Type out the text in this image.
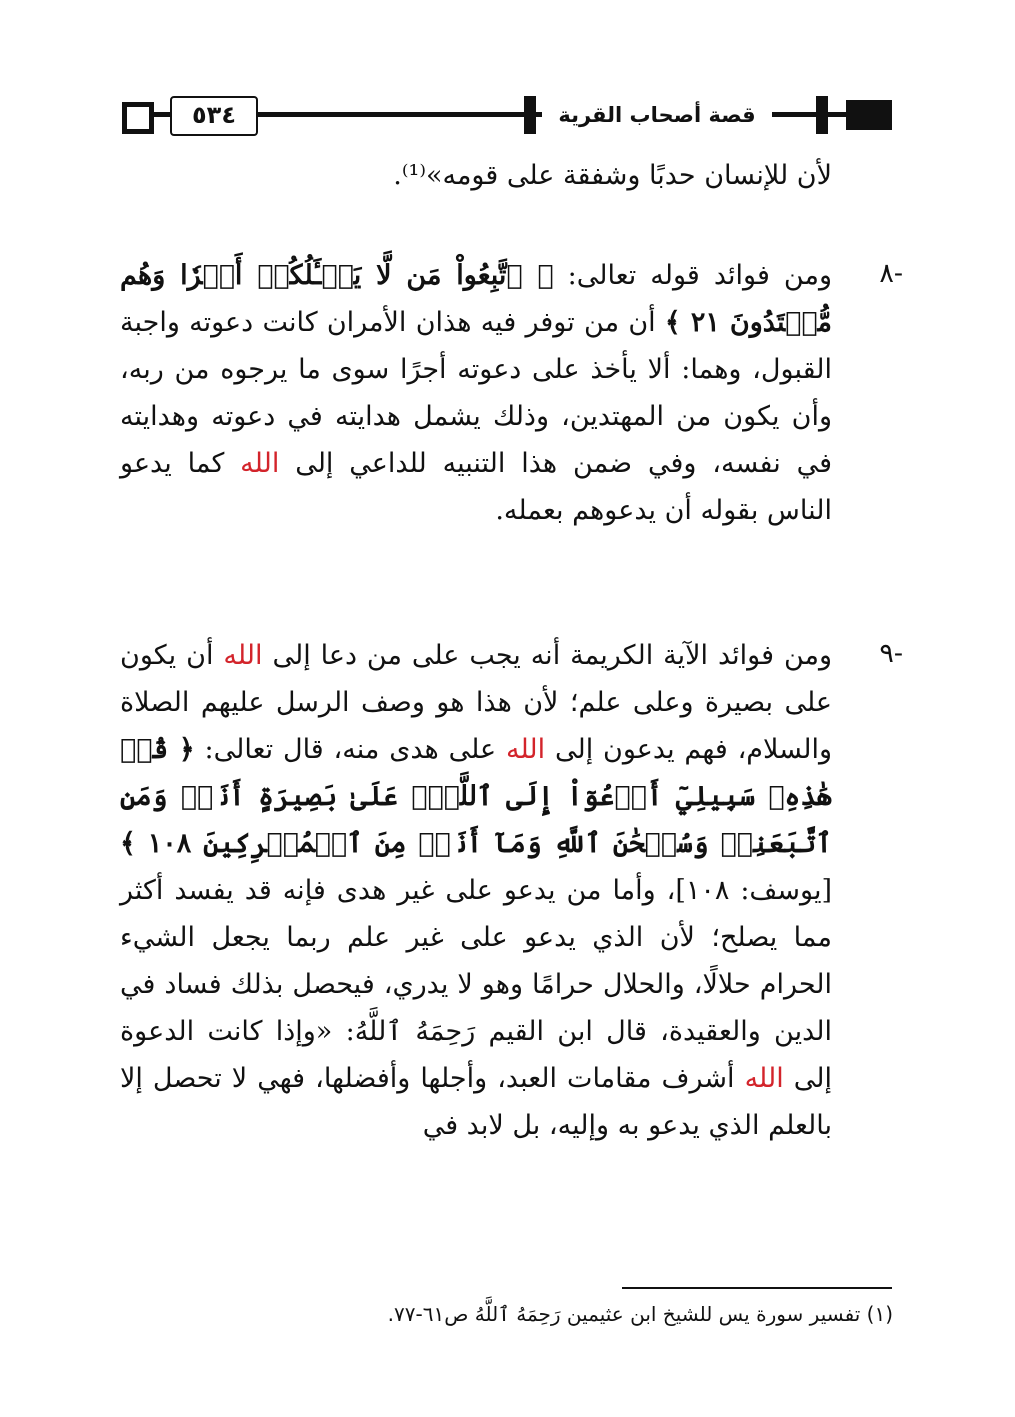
قصة أصحاب القرية
٥٣٤

لأن للإنسان حدبًا وشفقة على قومه»⁽¹⁾.

-٨

ومن فوائد قوله تعالى: ﴿ ٱتَّبِعُواْ مَن لَّا يَسۡـَٔلُكُمۡ أَجۡرٗا وَهُم مُّهۡتَدُونَ ٢١ ﴾ أن من توفر فيه هذان الأمران كانت دعوته واجبة القبول، وهما: ألا يأخذ على دعوته أجرًا سوى ما يرجوه من ربه، وأن يكون من المهتدين، وذلك يشمل هدايته في دعوته وهدايته في نفسه، وفي ضمن هذا التنبيه للداعي إلى الله كما يدعو الناس بقوله أن يدعوهم بعمله.

-٩

ومن فوائد الآية الكريمة أنه يجب على من دعا إلى الله أن يكون على بصيرة وعلى علم؛ لأن هذا هو وصف الرسل عليهم الصلاة والسلام، فهم يدعون إلى الله على هدى منه، قال تعالى: ﴿ قُلۡ هَٰذِهِۦ سَبِيلِيٓ أَدۡعُوٓاْ إِلَى ٱللَّهِۚ عَلَىٰ بَصِيرَةٍ أَنَا۠ وَمَنِ ٱتَّبَعَنِيۖ وَسُبۡحَٰنَ ٱللَّهِ وَمَآ أَنَا۠ مِنَ ٱلۡمُشۡرِكِينَ ١٠٨ ﴾ [يوسف: ١٠٨]، وأما من يدعو على غير هدى فإنه قد يفسد أكثر مما يصلح؛ لأن الذي يدعو على غير علم ربما يجعل الشيء الحرام حلالًا، والحلال حرامًا وهو لا يدري، فيحصل بذلك فساد في الدين والعقيدة، قال ابن القيم رَحِمَهُ ٱللَّهُ: «وإذا كانت الدعوة إلى الله أشرف مقامات العبد، وأجلها وأفضلها، فهي لا تحصل إلا بالعلم الذي يدعو به وإليه، بل لابد في

(١) تفسير سورة يس للشيخ ابن عثيمين رَحِمَهُ ٱللَّهُ ص٦١-٧٧.
